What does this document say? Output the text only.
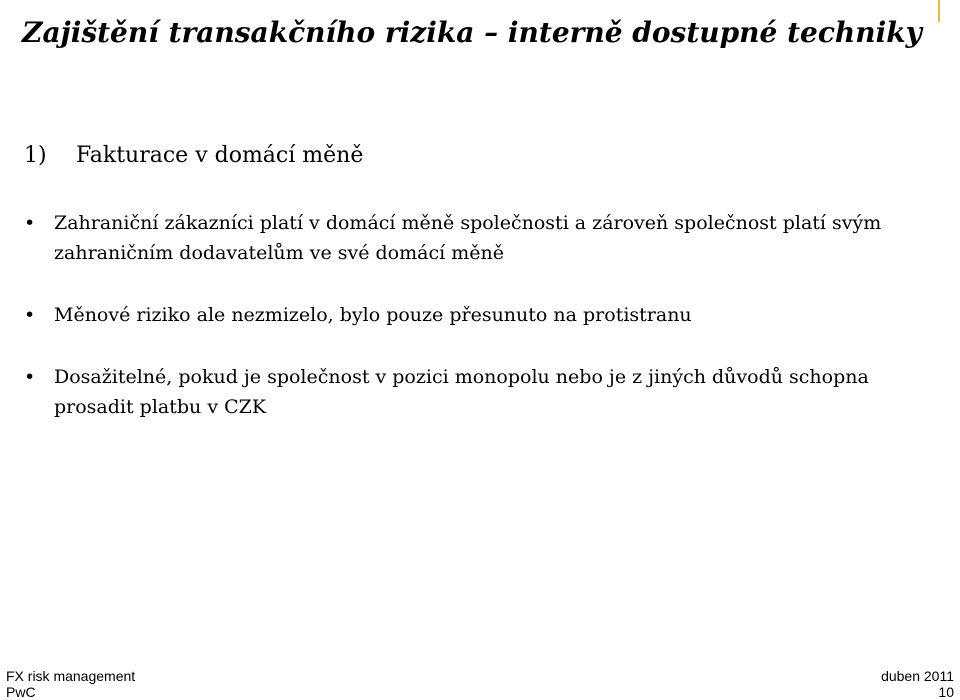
Zajištění transakčního rizika – interně dostupné techniky
1) Fakturace v domácí měně
• Zahraniční zákazníci platí v domácí měně společnosti a zároveň společnost platí svým zahraničním dodavatelům ve své domácí měně
• Měnové riziko ale nezmizelo, bylo pouze přesunuto na protistranu
• Dosažitelné, pokud je společnost v pozici monopolu nebo je z jiných důvodů schopna prosadit platbu v CZK
FX risk management
PwC
duben 2011
10
